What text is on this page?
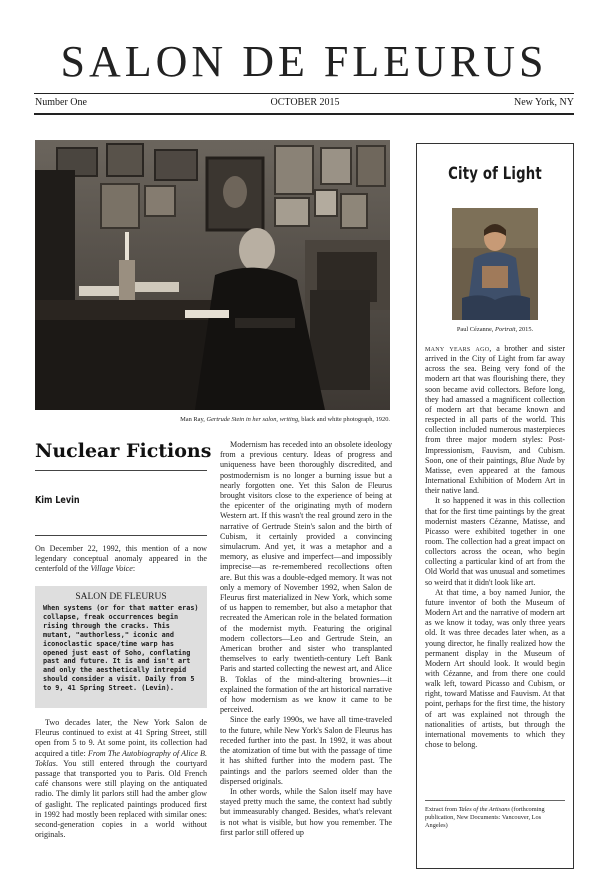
SALON DE FLEURUS
Number One	OCTOBER 2015	New York, NY
Man Ray, Gertrude Stein in her salon, writing, black and white photograph, 1920.
Nuclear Fictions
Kim Levin

On December 22, 1992, this mention of a now legendary conceptual anomaly appeared in the centerfold of the Village Voice:

SALON DE FLEURUS
When systems (or for that matter eras) collapse, freak occurrences begin rising through the cracks. This mutant, "authorless," iconic and iconoclastic space/time warp has opened just east of Soho, conflating past and future. It is and isn't art and only the aesthetically intrepid should consider a visit. Daily from 5 to 9, 41 Spring Street. (Levin).

Two decades later, the New York Salon de Fleurus continued to exist at 41 Spring Street, still open from 5 to 9. At some point, its collection had acquired a title: From The Autobiography of Alice B. Toklas. You still entered through the courtyard passage that transported you to Paris. Old French café chansons were still playing on the antiquated radio. The dimly lit parlors still had the amber glow of gaslight. The replicated paintings produced first in 1992 had mostly been replaced with similar ones: second-generation copies in a world without originals.

Modernism has receded into an obsolete ideology from a previous century. Ideas of progress and uniqueness have been thoroughly discredited, and postmodernism is no longer a burning issue but a nearly forgotten one. Yet this Salon de Fleurus brought visitors close to the experience of being at the epicenter of the originating myth of modern Western art. If this wasn't the real ground zero in the narrative of Gertrude Stein's salon and the birth of Cubism, it certainly provided a convincing simulacrum. And yet, it was a metaphor and a memory, as elusive and imperfect—and impossibly imprecise—as re-remembered recollections often are. But this was a double-edged memory. It was not only a memory of November 1992, when Salon de Fleurus first materialized in New York, which some of us happen to remember, but also a metaphor that recreated the American role in the belated formation of the modernist myth. Featuring the original modern collectors—Leo and Gertrude Stein, an American brother and sister who transplanted themselves to early twentieth-century Left Bank Paris and started collecting the newest art, and Alice B. Toklas of the mind-altering brownies—it explained the formation of the art historical narrative of how modernism as we know it came to be perceived.

Since the early 1990s, we have all time-traveled to the future, while New York's Salon de Fleurus has receded further into the past. In 1992, it was about the atomization of time but with the passage of time it has shifted further into the modern past. The paintings and the parlors seemed older than the dispersed originals.

In other words, while the Salon itself may have stayed pretty much the same, the context had subtly but immeasurably changed. Besides, what's relevant is not what is visible, but how you remember. The first parlor still offered up

City of Light
Paul Cézanne, Portrait, 2015.

many years ago, a brother and sister arrived in the City of Light from far away across the sea. Being very fond of the modern art that was flourishing there, they soon became avid collectors. Before long, they had amassed a magnificent collection of modern art that became known and respected in all parts of the world. This collection included numerous masterpieces from three major modern styles: Post-Impressionism, Fauvism, and Cubism. Soon, one of their paintings, Blue Nude by Matisse, even appeared at the famous International Exhibition of Modern Art in their native land.

It so happened it was in this collection that for the first time paintings by the great modernist masters Cézanne, Matisse, and Picasso were exhibited together in one room. The collection had a great impact on collectors across the ocean, who begin collecting a particular kind of art from the Old World that was unusual and sometimes so weird that it didn't look like art.

At that time, a boy named Junior, the future inventor of both the Museum of Modern Art and the narrative of modern art as we know it today, was only three years old. It was three decades later when, as a young director, he finally realized how the permanent display in the Museum of Modern Art should look. It would begin with Cézanne, and from there one could walk left, toward Picasso and Cubism, or right, toward Matisse and Fauvism. At that point, perhaps for the first time, the history of art was explained not through the nationalities of artists, but through the international movements to which they chose to belong.

Extract from Tales of the Artisans (forthcoming publication, New Documents: Vancouver, Los Angeles)
